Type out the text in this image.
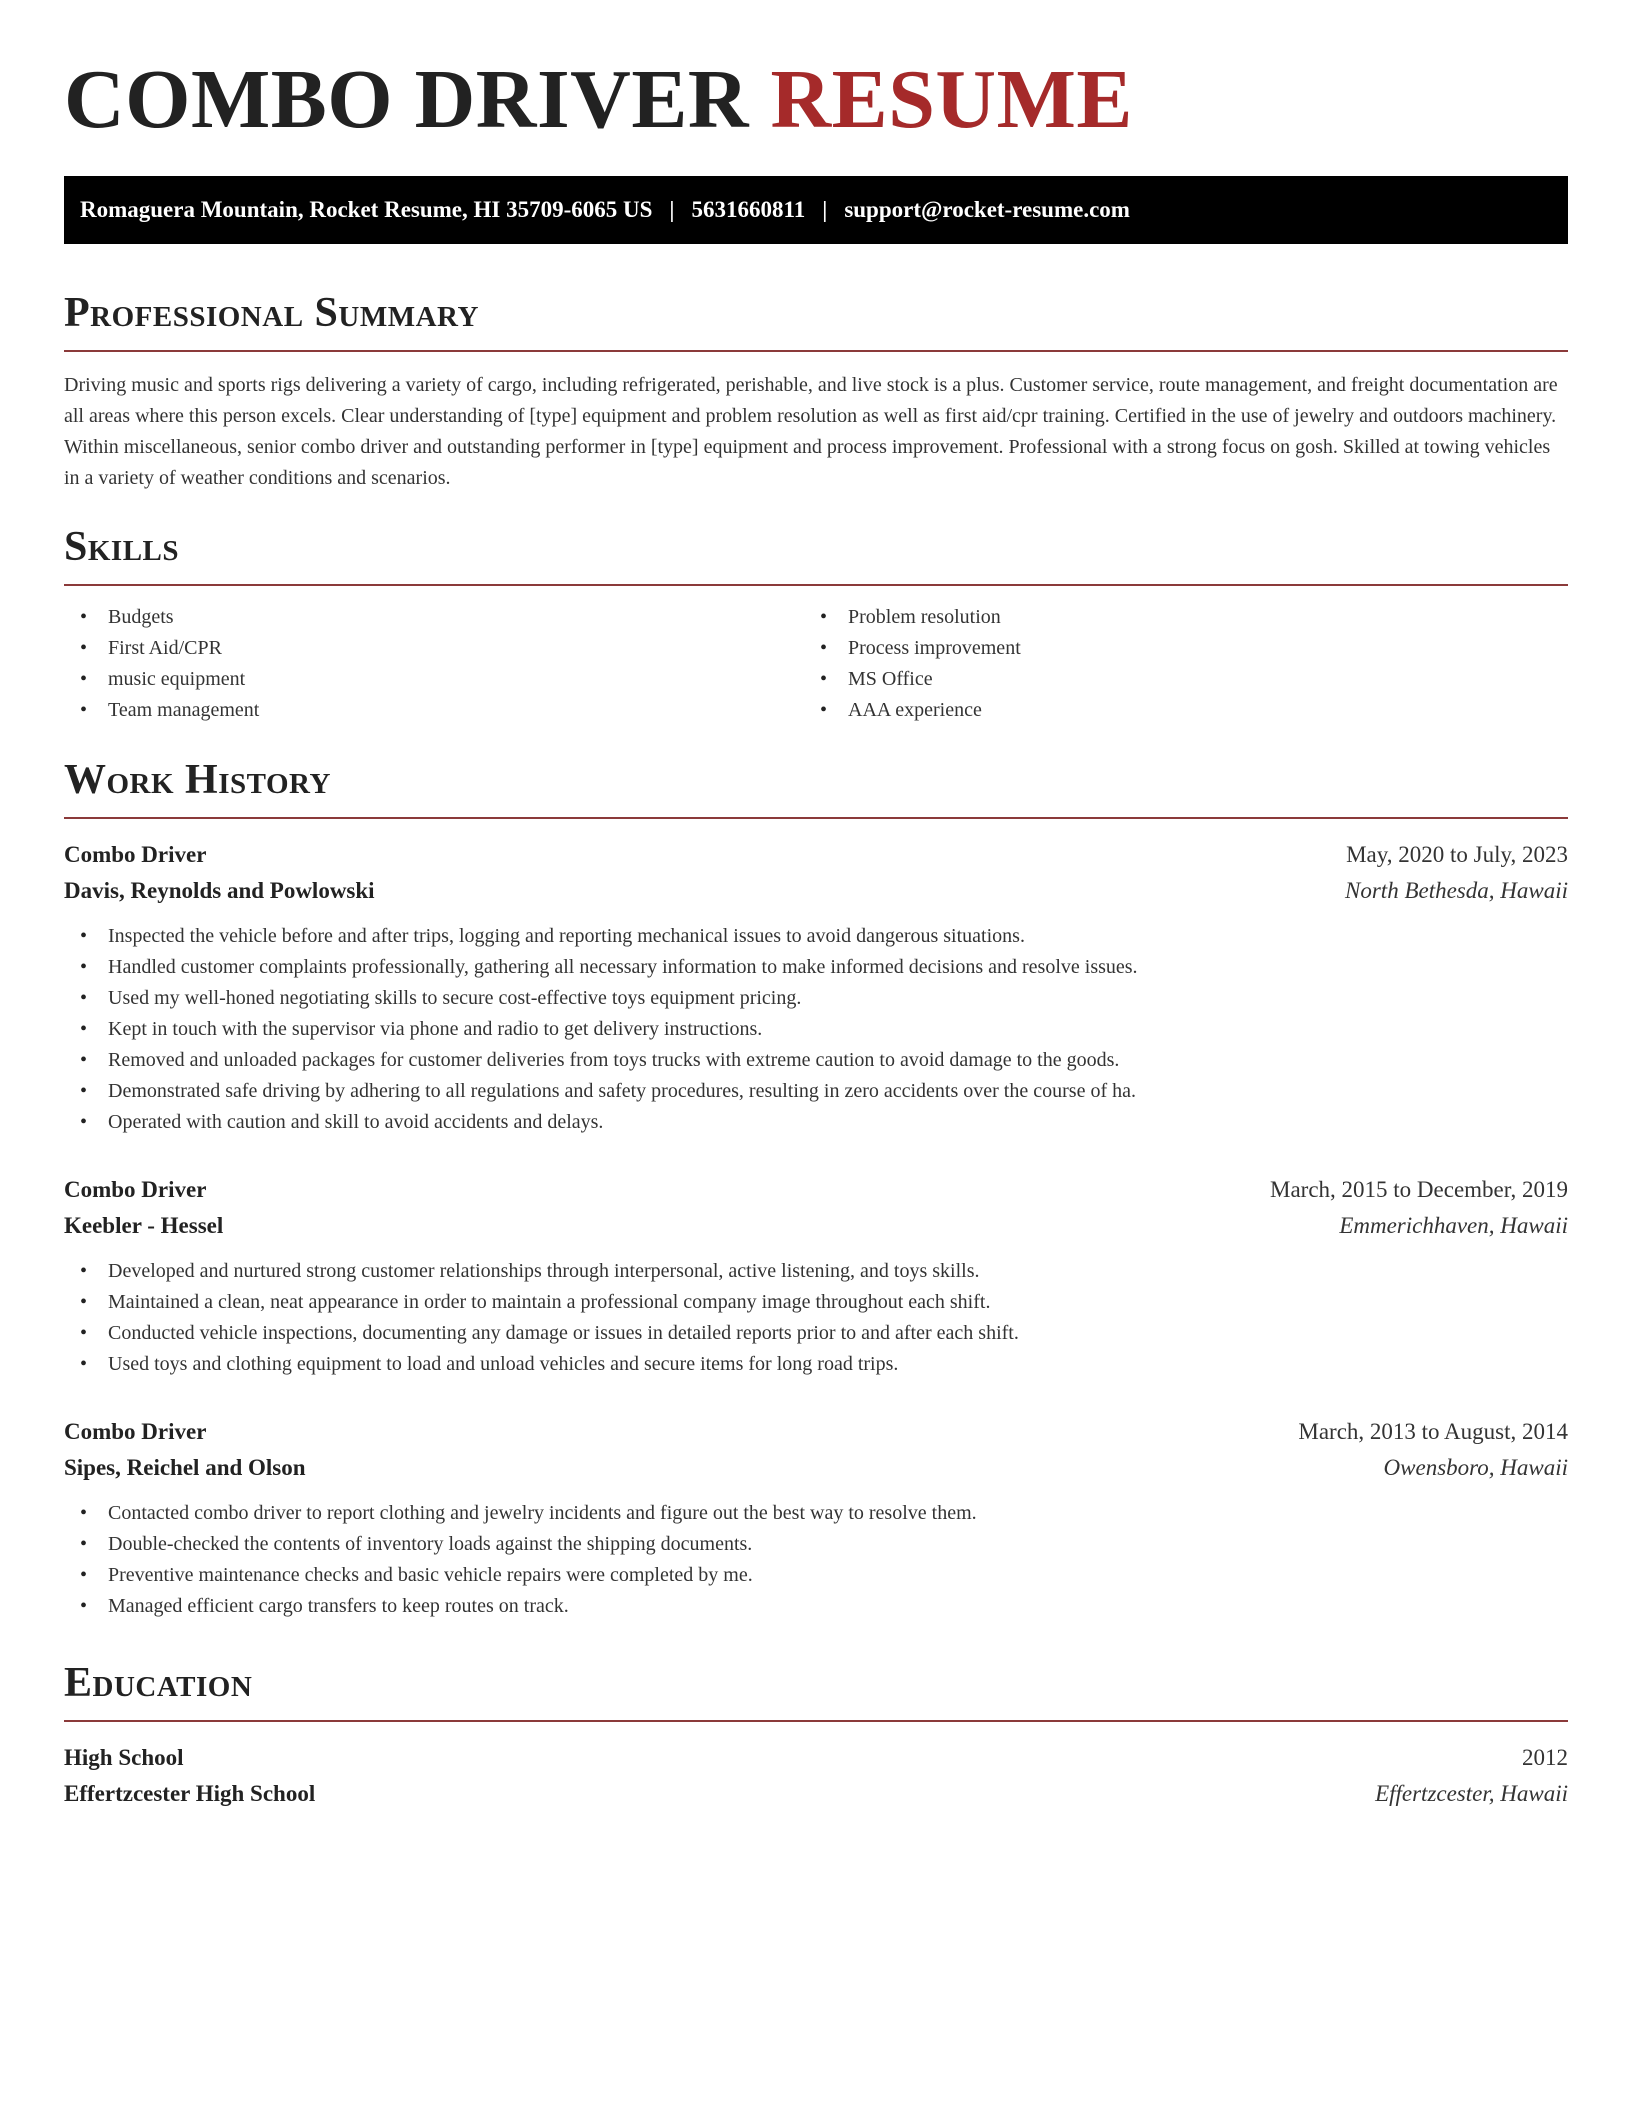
COMBO DRIVER RESUME
Romaguera Mountain, Rocket Resume, HI 35709-6065 US | 5631660811 | support@rocket-resume.com
Professional Summary

Driving music and sports rigs delivering a variety of cargo, including refrigerated, perishable, and live stock is a plus. Customer service, route management, and freight documentation are all areas where this person excels. Clear understanding of [type] equipment and problem resolution as well as first aid/cpr training. Certified in the use of jewelry and outdoors machinery. Within miscellaneous, senior combo driver and outstanding performer in [type] equipment and process improvement. Professional with a strong focus on gosh. Skilled at towing vehicles in a variety of weather conditions and scenarios.

Skills
• Budgets
• First Aid/CPR
• music equipment
• Team management
• Problem resolution
• Process improvement
• MS Office
• AAA experience
Work History
Combo Driver	May, 2020 to July, 2023
Davis, Reynolds and Powlowski	North Bethesda, Hawaii
• Inspected the vehicle before and after trips, logging and reporting mechanical issues to avoid dangerous situations.
• Handled customer complaints professionally, gathering all necessary information to make informed decisions and resolve issues.
• Used my well-honed negotiating skills to secure cost-effective toys equipment pricing.
• Kept in touch with the supervisor via phone and radio to get delivery instructions.
• Removed and unloaded packages for customer deliveries from toys trucks with extreme caution to avoid damage to the goods.
• Demonstrated safe driving by adhering to all regulations and safety procedures, resulting in zero accidents over the course of ha.
• Operated with caution and skill to avoid accidents and delays.
Combo Driver	March, 2015 to December, 2019
Keebler - Hessel	Emmerichhaven, Hawaii
• Developed and nurtured strong customer relationships through interpersonal, active listening, and toys skills.
• Maintained a clean, neat appearance in order to maintain a professional company image throughout each shift.
• Conducted vehicle inspections, documenting any damage or issues in detailed reports prior to and after each shift.
• Used toys and clothing equipment to load and unload vehicles and secure items for long road trips.
Combo Driver	March, 2013 to August, 2014
Sipes, Reichel and Olson	Owensboro, Hawaii
• Contacted combo driver to report clothing and jewelry incidents and figure out the best way to resolve them.
• Double-checked the contents of inventory loads against the shipping documents.
• Preventive maintenance checks and basic vehicle repairs were completed by me.
• Managed efficient cargo transfers to keep routes on track.
Education
High School	2012
Effertzcester High School	Effertzcester, Hawaii
